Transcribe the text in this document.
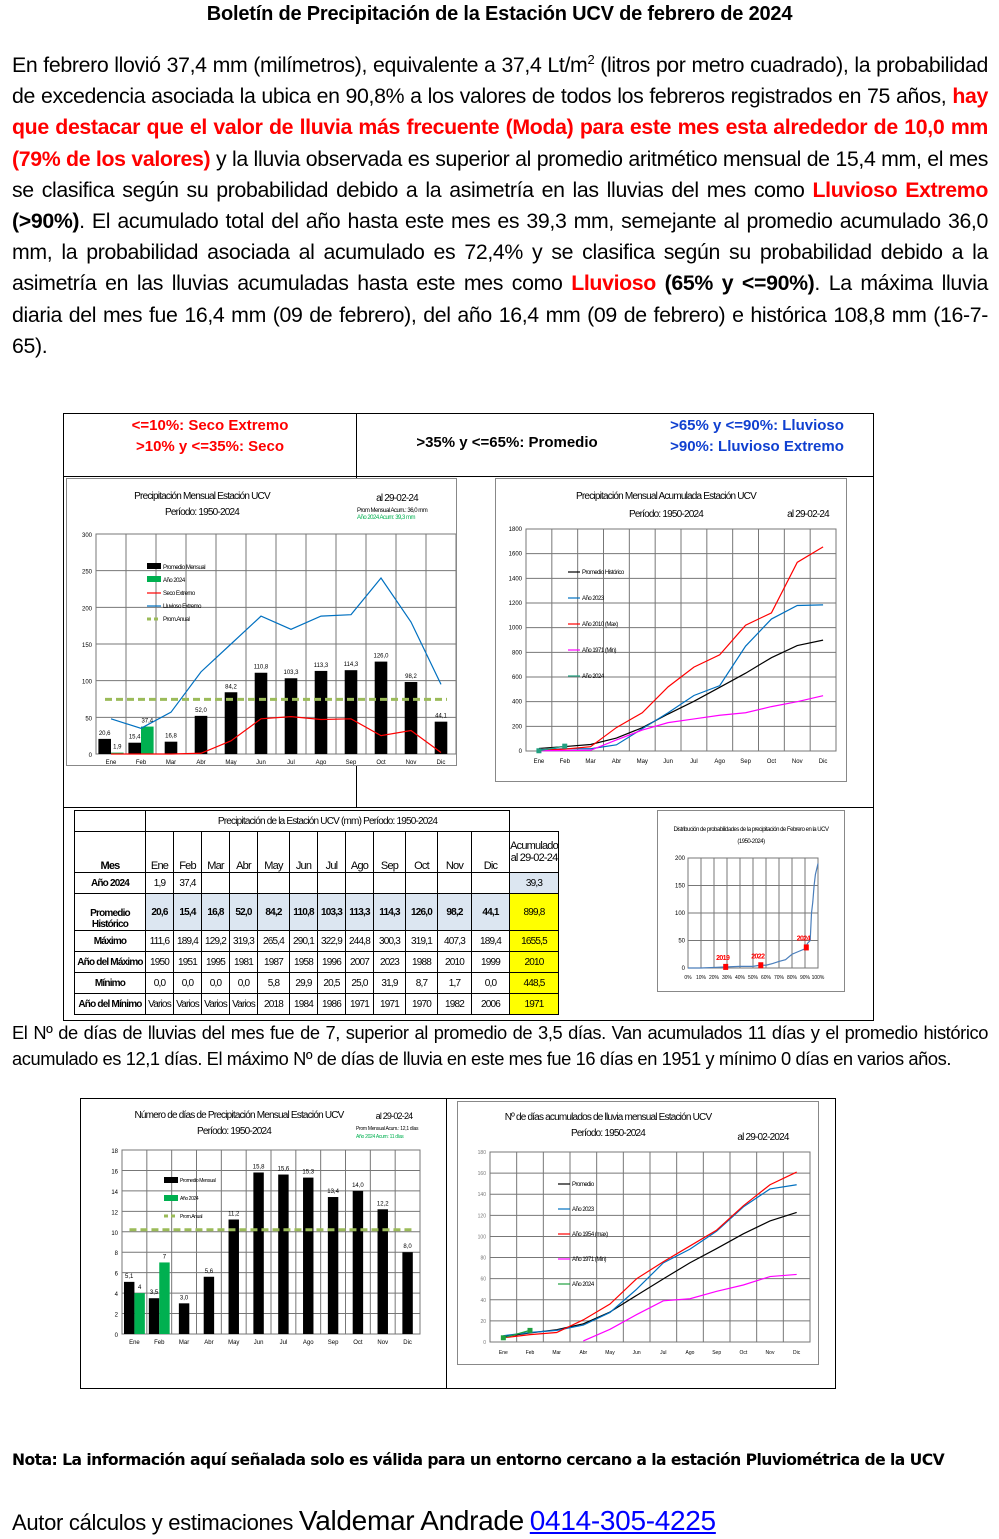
Boletín de Precipitación de la Estación UCV de febrero de 2024
En febrero llovió 37,4 mm (milímetros), equivalente a 37,4 $Lt/m^2$ (litros por metro cuadrado), la probabilidad de excedencia asociada la ubica en 90,8% a los valores de todos los febreros registrados en 75 años, hay que destacar que el valor de lluvia más frecuente (Moda) para este mes esta alrededor de 10,0 mm (79% de los valores) y la lluvia observada es superior al promedio aritmético mensual de 15,4 mm, el mes se clasifica según su probabilidad debido a la asimetría en las lluvias del mes como Lluvioso Extremo (>90%). El acumulado total del año hasta este mes es 39,3 mm, semejante al promedio acumulado 36,0 mm, la probabilidad asociada al acumulado es 72,4% y se clasifica según su probabilidad debido a la asimetría en las lluvias acumuladas hasta este mes como Lluvioso (65% y <=90%). La máxima lluvia diaria del mes fue 16,4 mm (09 de febrero), del año 16,4 mm (09 de febrero) e histórica 108,8 mm (16-7-65).
<=10%: Seco Extremo
>10% y <=35%: Seco	>35% y <=65%: Promedio
>65% y <=90%: Lluvioso
>90%: Lluvioso Extremo
Precipitación Mensual Estación UCV
Período: 1950-2024
al 29-02-24
Prom Mensual Acum.: 36,0 mm
Año 2024 Acum: 39,3 mm
0
50
100
150
200
250
300
Ene	Feb	Mar	Abr	May	Jun	Jul	Ago	Sep	Oct	Nov	Dic
20,6
15,4	16,8
52,0
84,2
110,8
103,3
113,3	114,3
126,0
98,2
44,1
1,9
37,4
Promedio Mensual
Año 2024
Seco Extremo
Lluvioso Extremo
Prom.Anual
Precipitación Mensual Acumulada Estación UCV
Período: 1950-2024	al 29-02-24
0
200
400
600
800
1000
1200
1400
1600
1800
Ene	Feb	Mar	Abr	May	Jun	Jul	Ago	Sep	Oct	Nov	Dic
Promedio Histórico
Año 2023
Año 2010 (Max)
Año 1971 (Min)
Año 2024
	Precipitación de la Estación UCV (mm) Período: 1950-2024												
Mes	Ene	Feb	Mar	Abr	May	Jun	Jul	Ago	Sep	Oct	Nov	Dic	Acumulado al 29-02-24
Año 2024	1,9	37,4											39,3
Promedio Histórico	20,6	15,4	16,8	52,0	84,2	110,8	103,3	113,3	114,3	126,0	98,2	44,1	899,8
Máximo	111,6	189,4	129,2	319,3	265,4	290,1	322,9	244,8	300,3	319,1	407,3	189,4	1655,5
Año del Máximo	1950	1951	1995	1981	1987	1958	1996	2007	2023	1988	2010	1999	2010
Mínimo	0,0	0,0	0,0	0,0	5,8	29,9	20,5	25,0	31,9	8,7	1,7	0,0	448,5
Año del Mínimo	Varios	Varios	Varios	Varios	2018	1984	1986	1971	1971	1970	1982	2006	1971
Distribución de probabilidades de la precipitación de Febrero en la UCV
(1950-2024)
0
50
100
150
200
0% 10% 20% 30% 40% 50% 60% 70% 80% 90% 100%
2019	2022
2024
El Nº de días de lluvias del mes fue de 7, superior al promedio de 3,5 días. Van acumulados 11 días y el promedio histórico acumulado es 12,1 días. El máximo Nº de días de lluvia en este mes fue 16 días en 1951 y mínimo 0 días en varios años.
Número de días de Precipitación Mensual Estación UCV
Período: 1950-2024
al 29-02-24
Prom Mensual Acum.: 12,1 días
Año 2024 Acum: 11 días
0
2
4
6
8
10
12
14
16
18
Ene Feb Mar Abr May Jun	Jul	Ago Sep Oct Nov	Dic
5,1
3,5
3,0
5,6
11,2
15,8 15,6
15,3
13,4
14,0
12,2
8,0
4
7
Promedio Mensual
Año 2024
Prom.Anual
Nº de días acumulados de lluvia mensual Estación UCV
Período: 1950-2024	al 29-02-2024
0
20
40
60
80
100
120
140
160
180
Ene	Feb	Mar	Abr	May	Jun	Jul	Ago	Sep	Oct	Nov	Dic
Promedio
Año 2023
Año 1954 (max)
Año 1971 (Min)
Año 2024
Nota: La información aquí señalada solo es válida para un entorno cercano a la estación Pluviométrica de la UCV
Autor cálculos y estimaciones Valdemar Andrade 0414-305-4225
